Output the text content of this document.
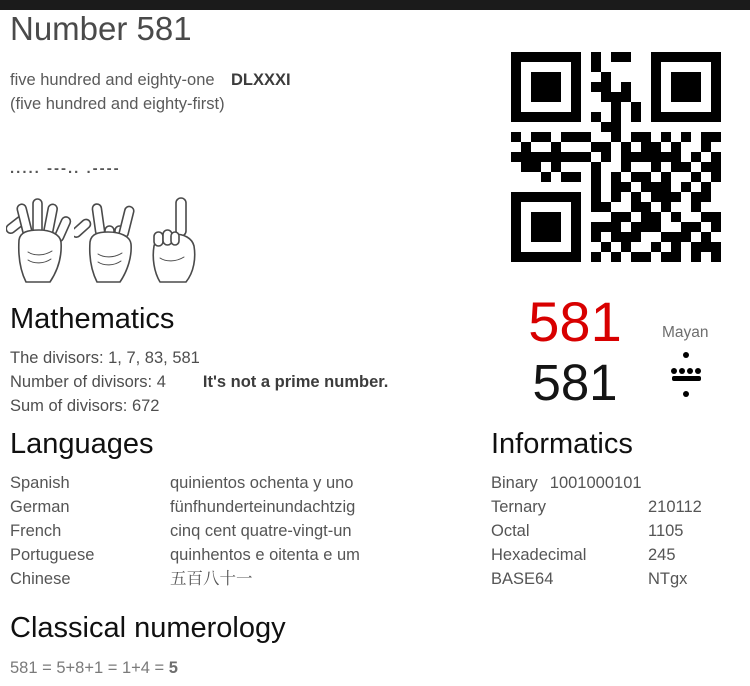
Number 581
five hundred and eighty-one DLXXXI
(five hundred and eighty-first)
..... ---.. .----
Mathematics
The divisors: 1, 7, 83, 581
Number of divisors: 4 It's not a prime number.
Sum of divisors: 672
581	Mayan
581
Languages
Spanish	quinientos ochenta y uno
German	fünfhunderteinundachtzig
French	cinq cent quatre-vingt-un
Portuguese	quinhentos e oitenta e um
Chinese	五百八十一
Informatics
Binary 1001000101
Ternary	210112
Octal	1105
Hexadecimal	245
BASE64	NTgx
Classical numerology
581 = 5+8+1 = 1+4 = 5
